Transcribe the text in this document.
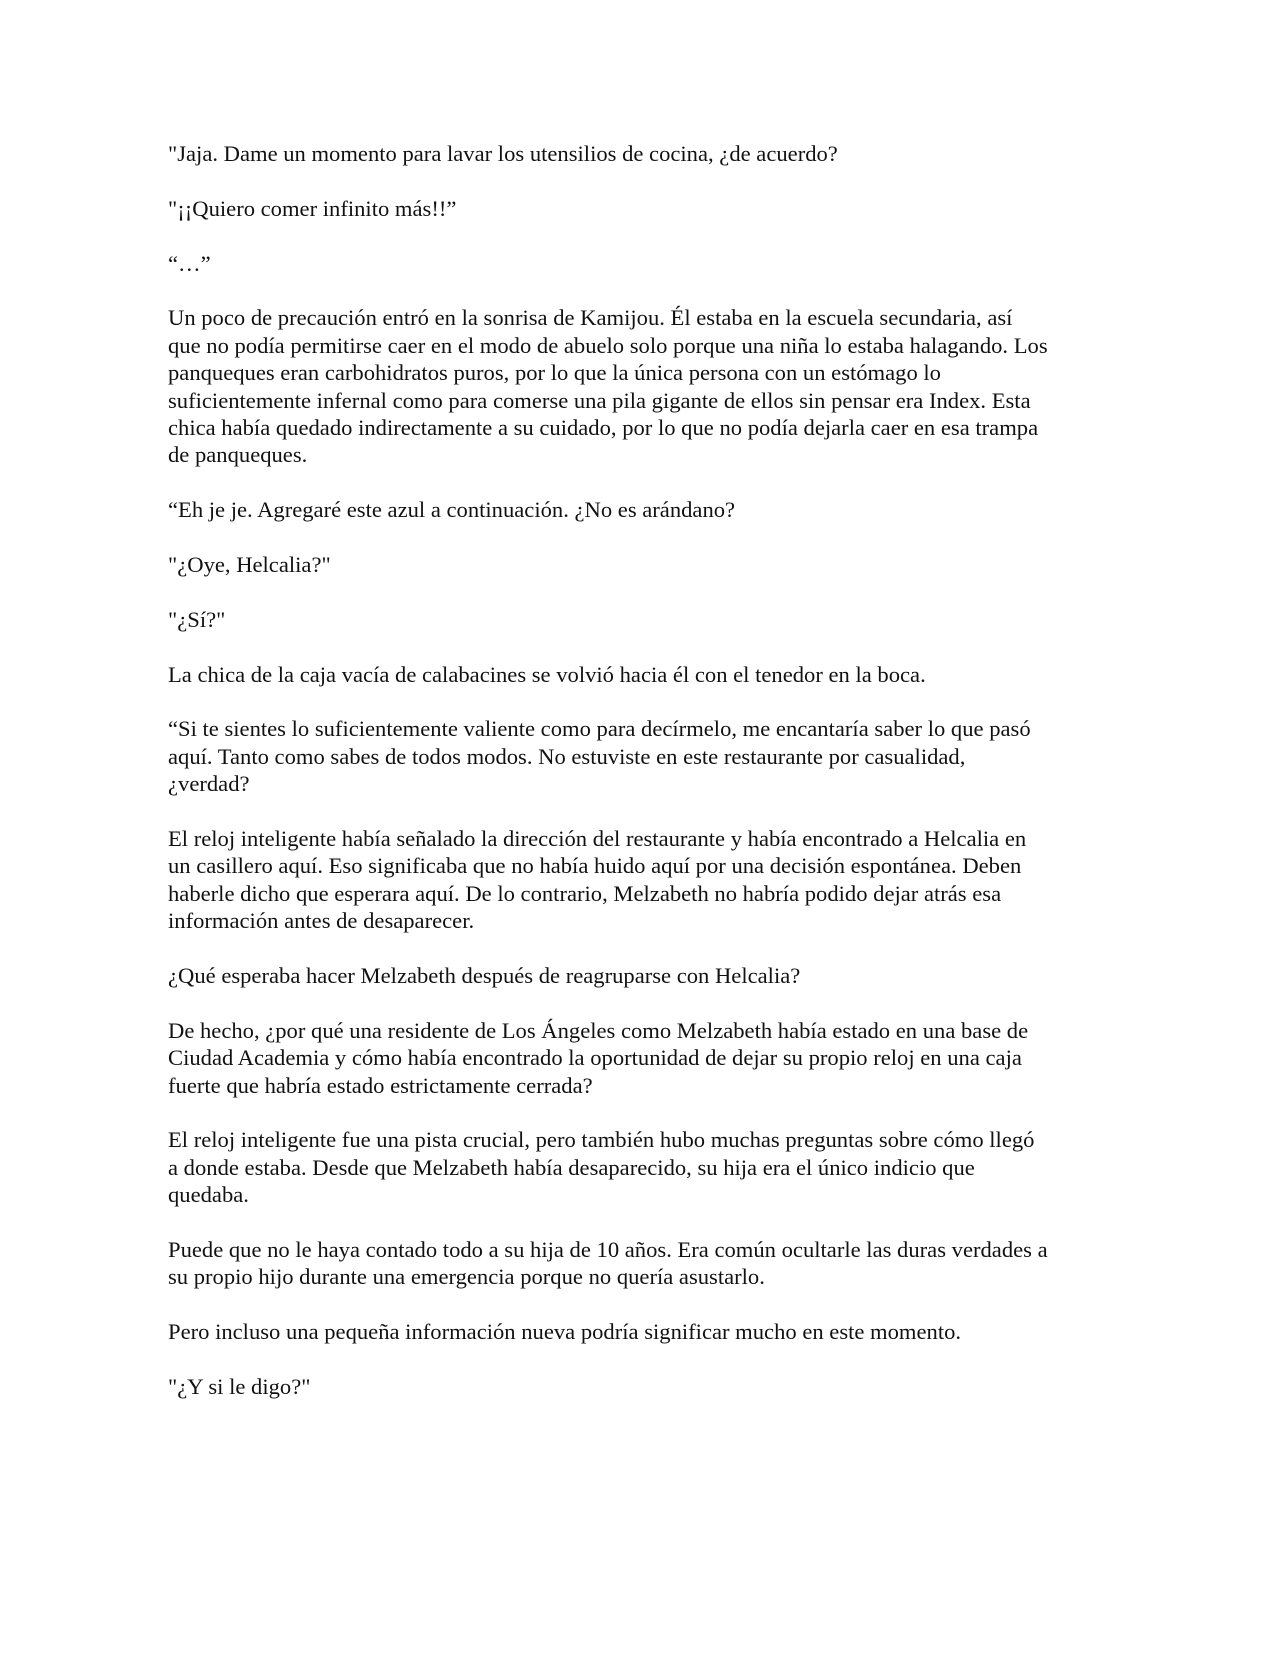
"Jaja. Dame un momento para lavar los utensilios de cocina, ¿de acuerdo?

"¡¡Quiero comer infinito más!!”

“…”

Un poco de precaución entró en la sonrisa de Kamijou. Él estaba en la escuela secundaria, así que no podía permitirse caer en el modo de abuelo solo porque una niña lo estaba halagando. Los panqueques eran carbohidratos puros, por lo que la única persona con un estómago lo suficientemente infernal como para comerse una pila gigante de ellos sin pensar era Index. Esta chica había quedado indirectamente a su cuidado, por lo que no podía dejarla caer en esa trampa de panqueques.

“Eh je je. Agregaré este azul a continuación. ¿No es arándano?

"¿Oye, Helcalia?"

"¿Sí?"

La chica de la caja vacía de calabacines se volvió hacia él con el tenedor en la boca.

“Si te sientes lo suficientemente valiente como para decírmelo, me encantaría saber lo que pasó aquí. Tanto como sabes de todos modos. No estuviste en este restaurante por casualidad, ¿verdad?

El reloj inteligente había señalado la dirección del restaurante y había encontrado a Helcalia en un casillero aquí. Eso significaba que no había huido aquí por una decisión espontánea. Deben haberle dicho que esperara aquí. De lo contrario, Melzabeth no habría podido dejar atrás esa información antes de desaparecer.

¿Qué esperaba hacer Melzabeth después de reagruparse con Helcalia?

De hecho, ¿por qué una residente de Los Ángeles como Melzabeth había estado en una base de Ciudad Academia y cómo había encontrado la oportunidad de dejar su propio reloj en una caja fuerte que habría estado estrictamente cerrada?

El reloj inteligente fue una pista crucial, pero también hubo muchas preguntas sobre cómo llegó a donde estaba. Desde que Melzabeth había desaparecido, su hija era el único indicio que quedaba.

Puede que no le haya contado todo a su hija de 10 años. Era común ocultarle las duras verdades a su propio hijo durante una emergencia porque no quería asustarlo.

Pero incluso una pequeña información nueva podría significar mucho en este momento.

"¿Y si le digo?"
